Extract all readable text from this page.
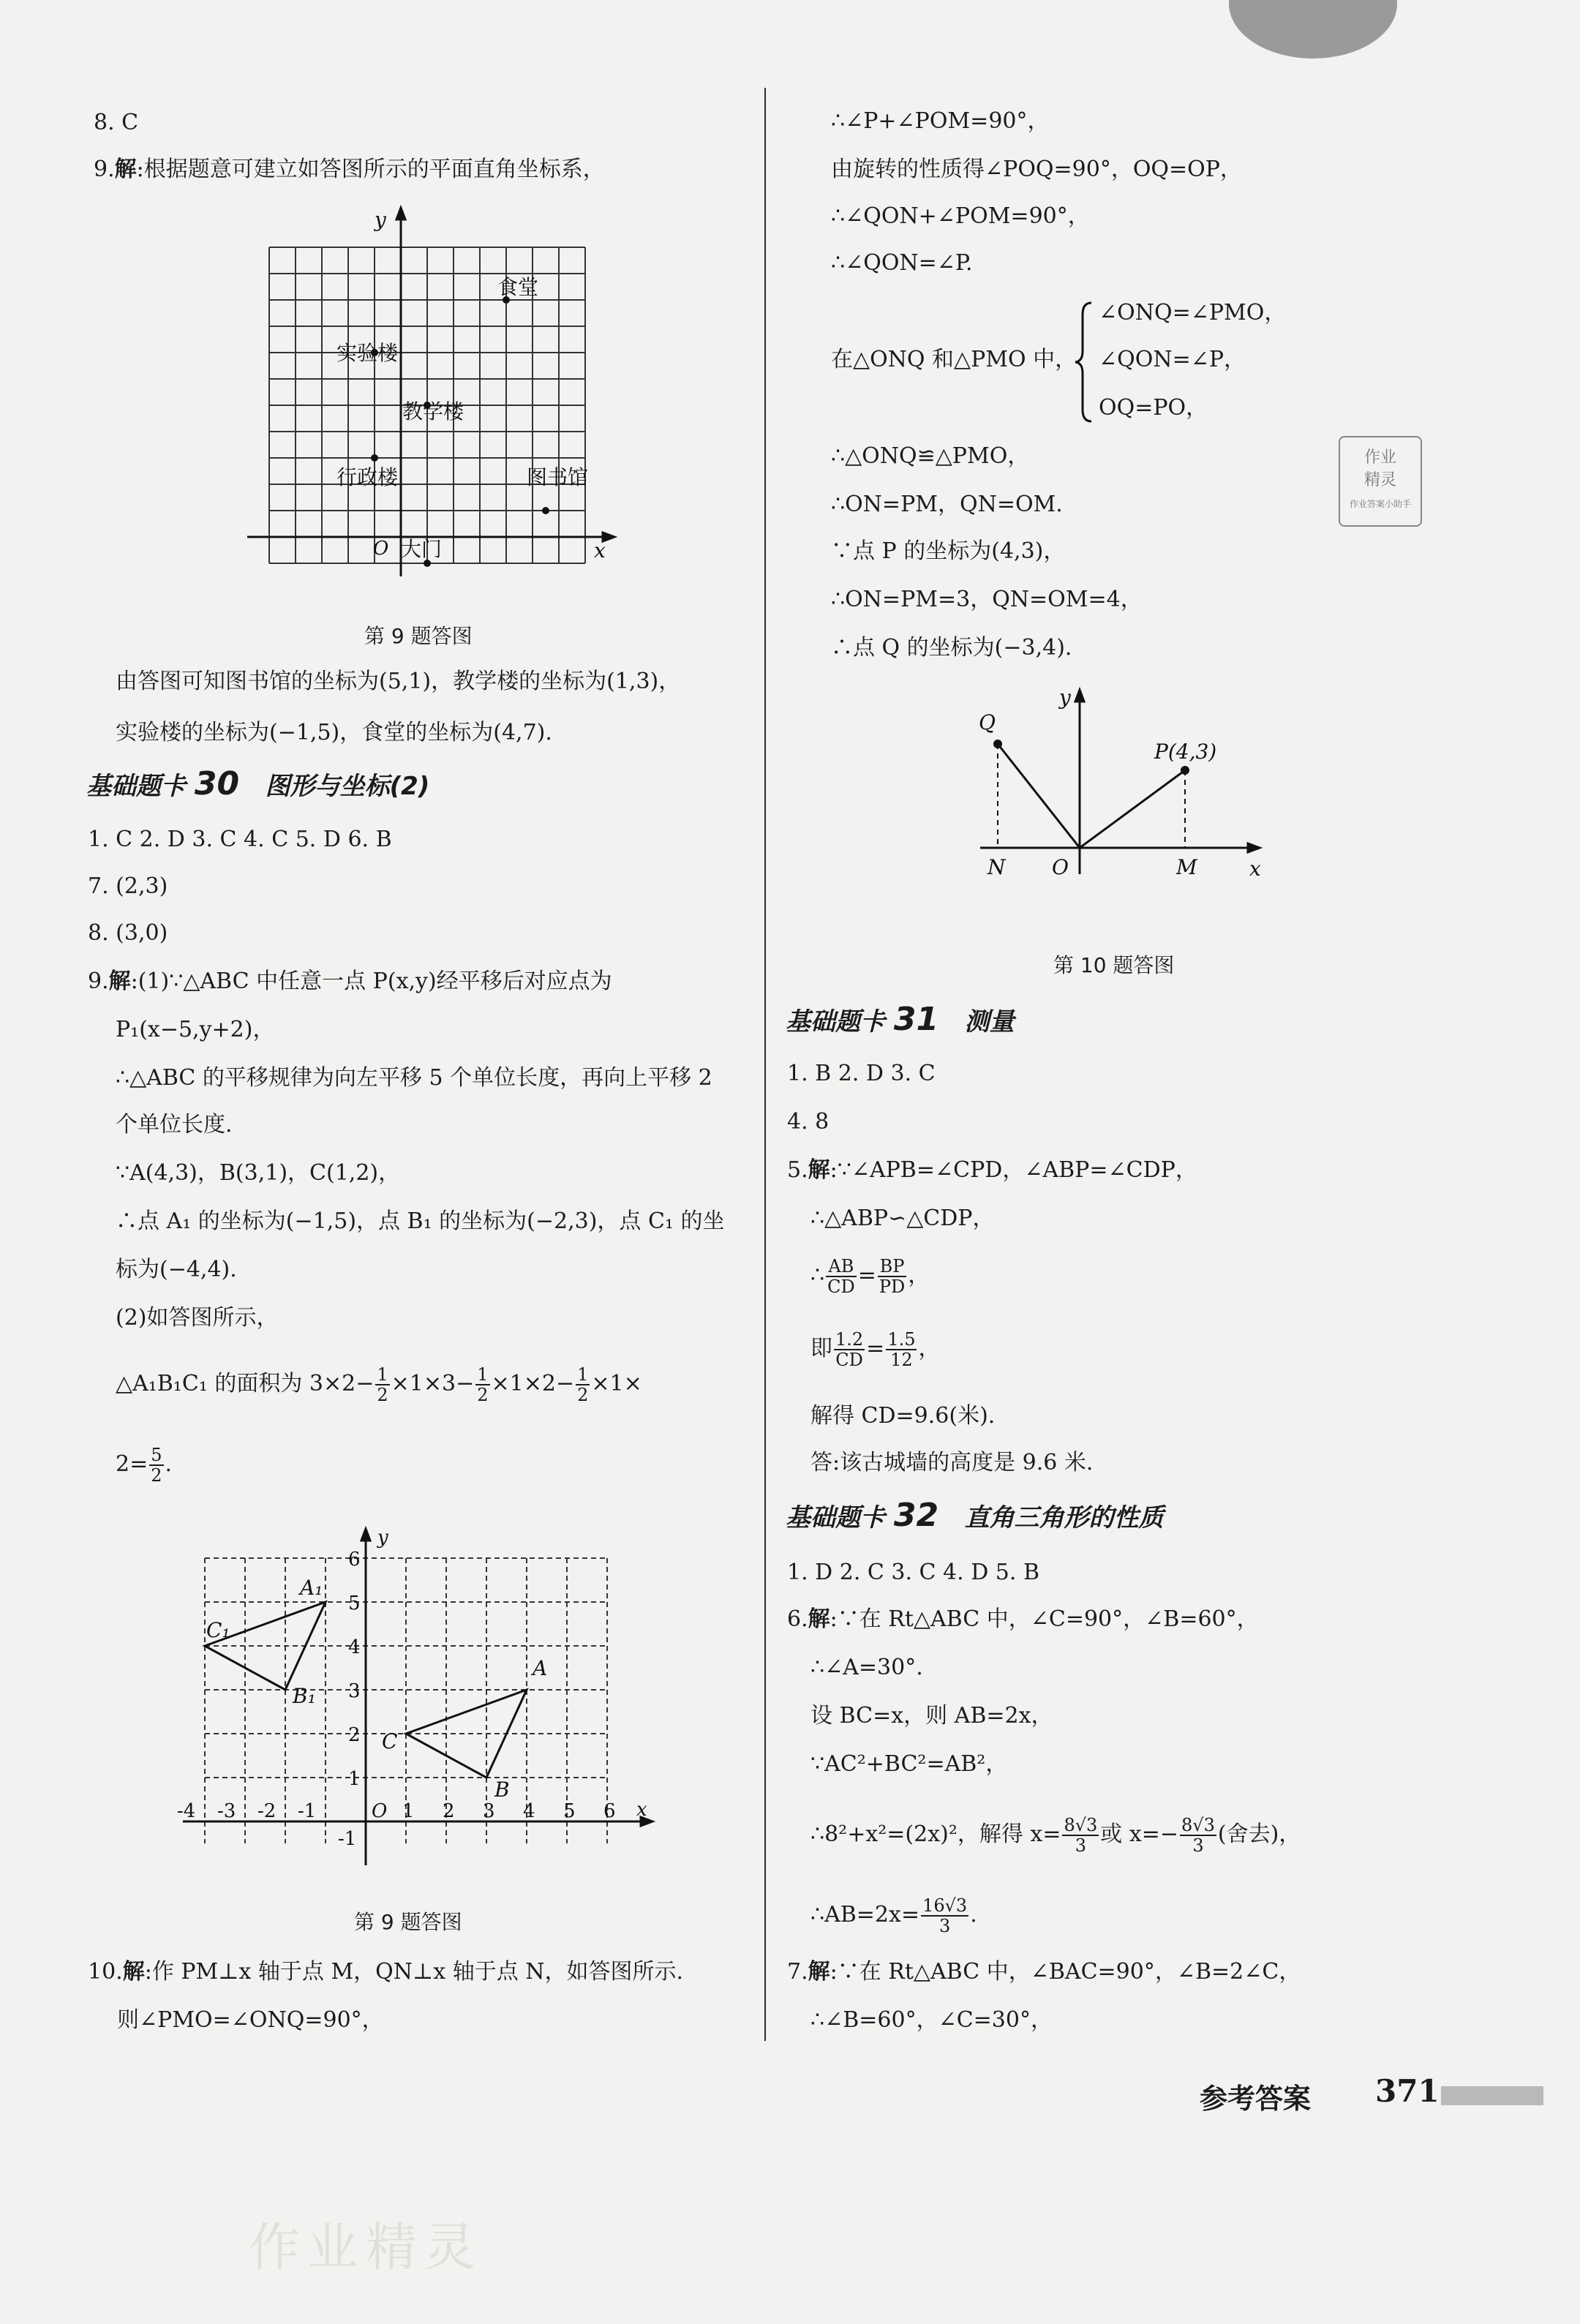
8. C
9.解:根据题意可建立如答图所示的平面直角坐标系，
y
x
O
食堂
实验楼
教学楼
行政楼	图书馆
大门
第 9 题答图
由答图可知图书馆的坐标为(5,1)，教学楼的坐标为(1,3)，
实验楼的坐标为(−1,5)，食堂的坐标为(4,7).
基础题卡 30 图形与坐标(2)
1. C 2. D 3. C 4. C 5. D 6. B
7. (2,3)
8. (3,0)
9.解:(1)∵△ABC 中任意一点 P(x,y)经平移后对应点为
P₁(x−5,y+2)，
∴△ABC 的平移规律为向左平移 5 个单位长度，再向上平移 2
个单位长度.
∵A(4,3)，B(3,1)，C(1,2)，
∴点 A₁ 的坐标为(−1,5)，点 B₁ 的坐标为(−2,3)，点 C₁ 的坐
标为(−4,4).
(2)如答图所示，
△A₁B₁C₁ 的面积为 $3\times 2- \frac{1}{2} \times 1\times 3- \frac{1}{2} \times 1\times 2- \frac{1}{2} \times 1\times$
$2= \frac{5}{2}$ .
y
x
O
-4 -3 -2 -1	1 2 3 4 5 6
-1
1
2
3
4
5
6
A₁
B₁
C₁
A
B
C
第 9 题答图
10.解:作 PM⊥x 轴于点 M，QN⊥x 轴于点 N，如答图所示.
则∠PMO=∠ONQ=90°，
∴∠P+∠POM=90°，
由旋转的性质得∠POQ=90°，OQ=OP，
∴∠QON+∠POM=90°，
∴∠QON=∠P.
在△ONQ 和△PMO 中，
∠ONQ=∠PMO，
∠QON=∠P，
OQ=PO，
∴△ONQ≌△PMO，
∴ON=PM，QN=OM.
∵点 P 的坐标为(4,3)，
∴ON=PM=3，QN=OM=4，
∴点 Q 的坐标为(−3,4).
y
x
Q
P(4,3)
N O	M
第 10 题答图
基础题卡 31 测量
1. B 2. D 3. C
4. 8
5.解:∵∠APB=∠CPD，∠ABP=∠CDP，
∴△ABP∽△CDP，
∴ $\frac{AB}{CD} = \frac{BP}{PD}$ ，
即 $\frac{1.2}{CD} = \frac{1.5}{12}$ ，
解得 CD=9.6(米).
答:该古城墙的高度是 9.6 米.
基础题卡 32 直角三角形的性质
1. D 2. C 3. C 4. D 5. B
6.解:∵在 Rt△ABC 中，∠C=90°，∠B=60°，
∴∠A=30°.
设 BC=x，则 AB=2x，
∵AC²+BC²=AB²，
∴8²+x²=(2x)²，解得 $x= \frac{8√3}{3}$ 或 $x=- \frac{8√3}{3}$ (舍去)，
∴AB=2x= $\frac{16√3}{3}$ .
7.解:∵在 Rt△ABC 中，∠BAC=90°，∠B=2∠C，
∴∠B=60°，∠C=30°，
作业
精灵
作业答案小助手
参考答案 371
作业精灵
